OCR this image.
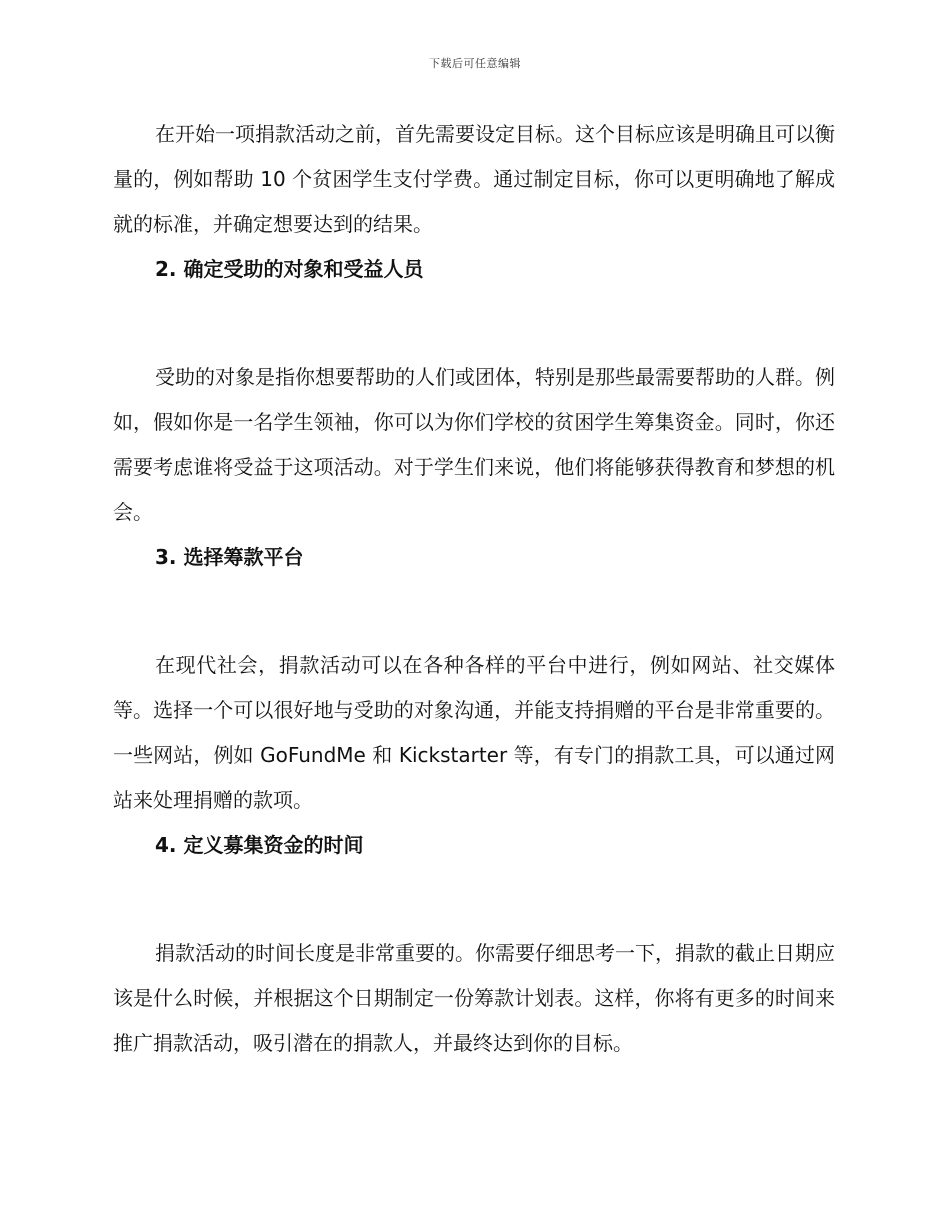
下载后可任意编辑

在开始一项捐款活动之前，首先需要设定目标。这个目标应该是明确且可以衡量的，例如帮助 10 个贫困学生支付学费。通过制定目标，你可以更明确地了解成就的标准，并确定想要达到的结果。

2. 确定受助的对象和受益人员

受助的对象是指你想要帮助的人们或团体，特别是那些最需要帮助的人群。例如，假如你是一名学生领袖，你可以为你们学校的贫困学生筹集资金。同时，你还需要考虑谁将受益于这项活动。对于学生们来说，他们将能够获得教育和梦想的机会。

3. 选择筹款平台

在现代社会，捐款活动可以在各种各样的平台中进行，例如网站、社交媒体等。选择一个可以很好地与受助的对象沟通，并能支持捐赠的平台是非常重要的。一些网站，例如 GoFundMe 和 Kickstarter 等，有专门的捐款工具，可以通过网站来处理捐赠的款项。

4. 定义募集资金的时间

捐款活动的时间长度是非常重要的。你需要仔细思考一下，捐款的截止日期应该是什么时候，并根据这个日期制定一份筹款计划表。这样，你将有更多的时间来推广捐款活动，吸引潜在的捐款人，并最终达到你的目标。
